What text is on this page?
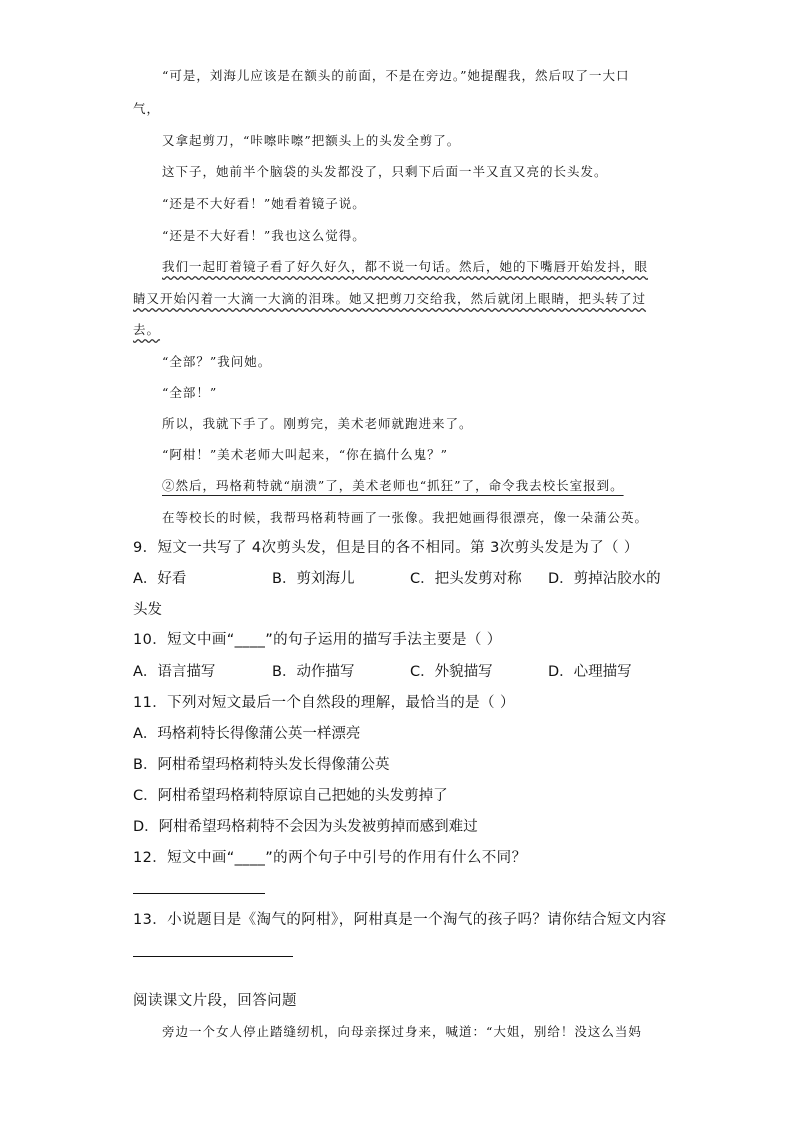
“可是，刘海儿应该是在额头的前面，不是在旁边。”她提醒我，然后叹了一大口
气，
又拿起剪刀，“咔嚓咔嚓”把额头上的头发全剪了。
这下子，她前半个脑袋的头发都没了，只剩下后面一半又直又亮的长头发。
“还是不大好看！”她看着镜子说。
“还是不大好看！”我也这么觉得。
我们一起盯着镜子看了好久好久，都不说一句话。然后，她的下嘴唇开始发抖，眼
睛又开始闪着一大滴一大滴的泪珠。她又把剪刀交给我，然后就闭上眼睛，把头转了过
去。
“全部？”我问她。
“全部！”
所以，我就下手了。刚剪完，美术老师就跑进来了。
“阿柑！”美术老师大叫起来，“你在搞什么鬼？”
②然后，玛格莉特就“崩溃”了，美术老师也“抓狂”了，命令我去校长室报到。
在等校长的时候，我帮玛格莉特画了一张像。我把她画得很漂亮，像一朵蒲公英。
9．短文一共写了 4次剪头发，但是目的各不相同。第 3次剪头发是为了（ ）
A．好看	B．剪刘海儿	C．把头发剪对称 D．剪掉沾胶水的
头发
10．短文中画“____”的句子运用的描写手法主要是（ ）
A．语言描写	B．动作描写	C．外貌描写	D．心理描写
11．下列对短文最后一个自然段的理解，最恰当的是（ ）
A．玛格莉特长得像蒲公英一样漂亮
B．阿柑希望玛格莉特头发长得像蒲公英
C．阿柑希望玛格莉特原谅自己把她的头发剪掉了
D．阿柑希望玛格莉特不会因为头发被剪掉而感到难过
12．短文中画“____”的两个句子中引号的作用有什么不同？
13．小说题目是《淘气的阿柑》，阿柑真是一个淘气的孩子吗？请你结合短文内容
阅读课文片段，回答问题
旁边一个女人停止踏缝纫机，向母亲探过身来，喊道：“大姐，别给！没这么当妈
